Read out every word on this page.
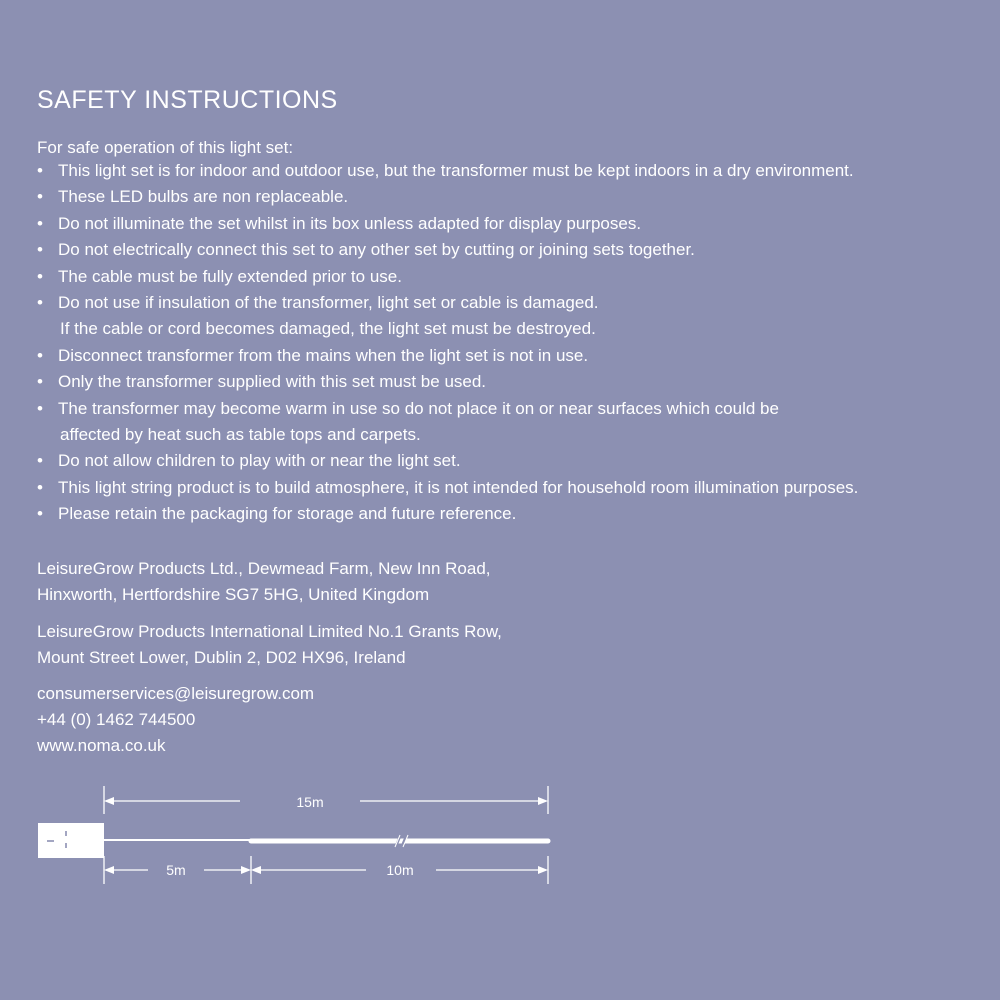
SAFETY INSTRUCTIONS

For safe operation of this light set:

• This light set is for indoor and outdoor use, but the transformer must be kept indoors in a dry environment.
• These LED bulbs are non replaceable.
• Do not illuminate the set whilst in its box unless adapted for display purposes.
• Do not electrically connect this set to any other set by cutting or joining sets together.
• The cable must be fully extended prior to use.
• Do not use if insulation of the transformer, light set or cable is damaged.
If the cable or cord becomes damaged, the light set must be destroyed.
• Disconnect transformer from the mains when the light set is not in use.
• Only the transformer supplied with this set must be used.
• The transformer may become warm in use so do not place it on or near surfaces which could be
affected by heat such as table tops and carpets.
• Do not allow children to play with or near the light set.
• This light string product is to build atmosphere, it is not intended for household room illumination purposes.
• Please retain the packaging for storage and future reference.
LeisureGrow Products Ltd., Dewmead Farm, New Inn Road,
Hinxworth, Hertfordshire SG7 5HG, United Kingdom
LeisureGrow Products International Limited No.1 Grants Row,
Mount Street Lower, Dublin 2, D02 HX96, Ireland
consumerservices@leisuregrow.com
+44 (0) 1462 744500
www.noma.co.uk
15m
5m	10m
